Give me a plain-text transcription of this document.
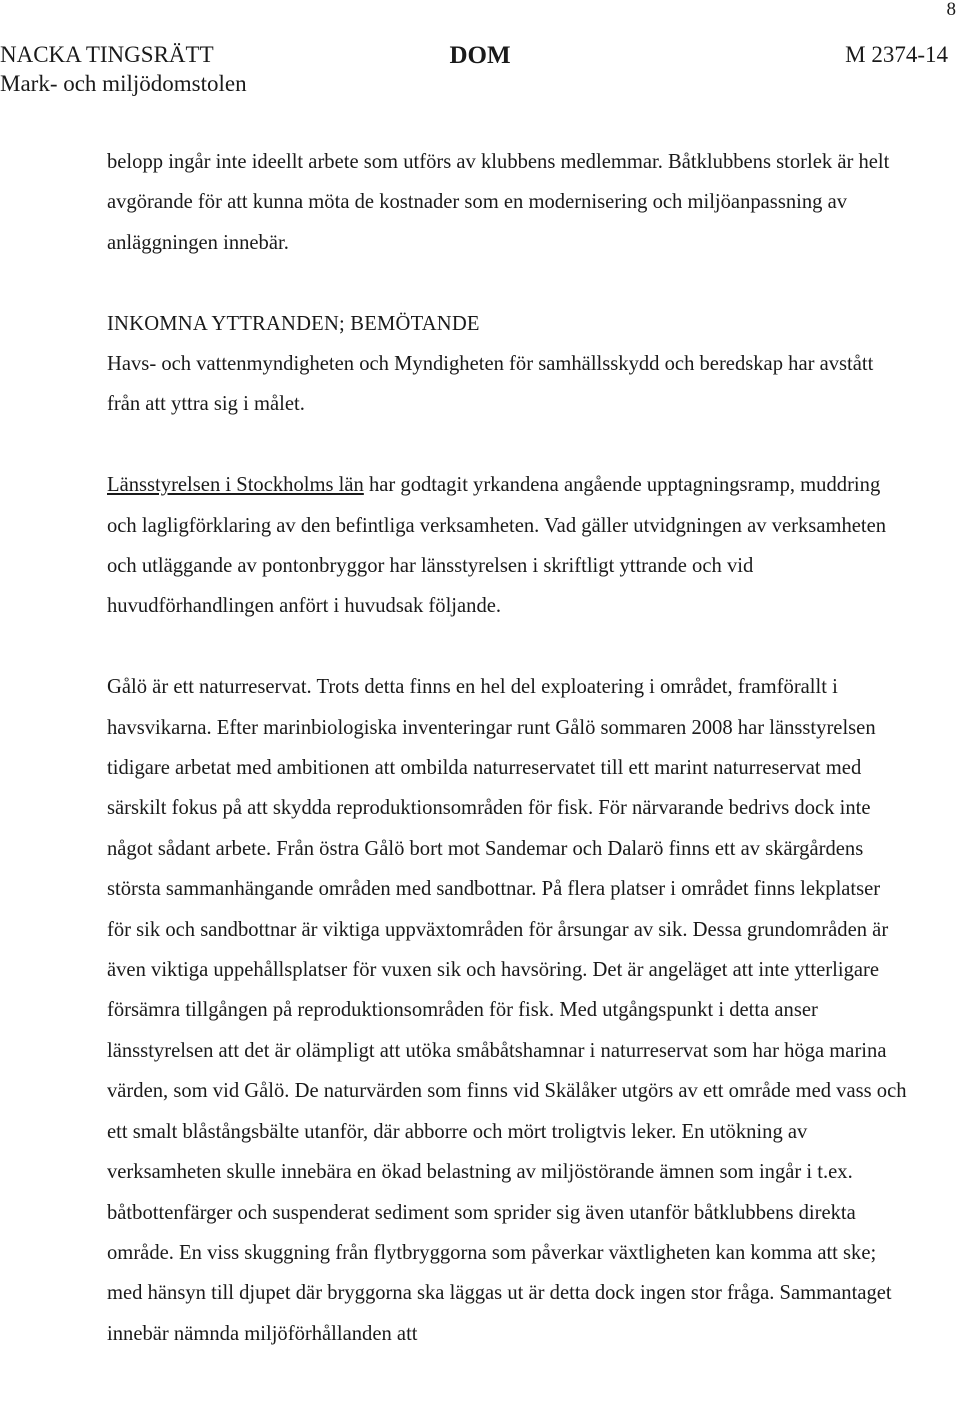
8
NACKA TINGSRÄTT
Mark- och miljödomstolen
DOM	M 2374-14

belopp ingår inte ideellt arbete som utförs av klubbens medlemmar. Båtklubbens storlek är helt avgörande för att kunna möta de kostnader som en modernisering och miljöanpassning av anläggningen innebär.

INKOMNA YTTRANDEN; BEMÖTANDE

Havs- och vattenmyndigheten och Myndigheten för samhällsskydd och beredskap har avstått från att yttra sig i målet.

Länsstyrelsen i Stockholms län har godtagit yrkandena angående upptagningsramp, muddring och lagligförklaring av den befintliga verksamheten. Vad gäller utvidgningen av verksamheten och utläggande av pontonbryggor har länsstyrelsen i skriftligt yttrande och vid huvudförhandlingen anfört i huvudsak följande.

Gålö är ett naturreservat. Trots detta finns en hel del exploatering i området, framförallt i havsvikarna. Efter marinbiologiska inventeringar runt Gålö sommaren 2008 har länsstyrelsen tidigare arbetat med ambitionen att ombilda naturreservatet till ett marint naturreservat med särskilt fokus på att skydda reproduktionsområden för fisk. För närvarande bedrivs dock inte något sådant arbete. Från östra Gålö bort mot Sandemar och Dalarö finns ett av skärgårdens största sammanhängande områden med sandbottnar. På flera platser i området finns lekplatser för sik och sandbottnar är viktiga uppväxtområden för årsungar av sik. Dessa grundområden är även viktiga uppehållsplatser för vuxen sik och havsöring. Det är angeläget att inte ytterligare försämra tillgången på reproduktionsområden för fisk. Med utgångspunkt i detta anser länsstyrelsen att det är olämpligt att utöka småbåtshamnar i naturreservat som har höga marina värden, som vid Gålö. De naturvärden som finns vid Skälåker utgörs av ett område med vass och ett smalt blåstångsbälte utanför, där abborre och mört troligtvis leker. En utökning av verksamheten skulle innebära en ökad belastning av miljöstörande ämnen som ingår i t.ex. båtbottenfärger och suspenderat sediment som sprider sig även utanför båtklubbens direkta område. En viss skuggning från flytbryggorna som påverkar växtligheten kan komma att ske; med hänsyn till djupet där bryggorna ska läggas ut är detta dock ingen stor fråga. Sammantaget innebär nämnda miljöförhållanden att
